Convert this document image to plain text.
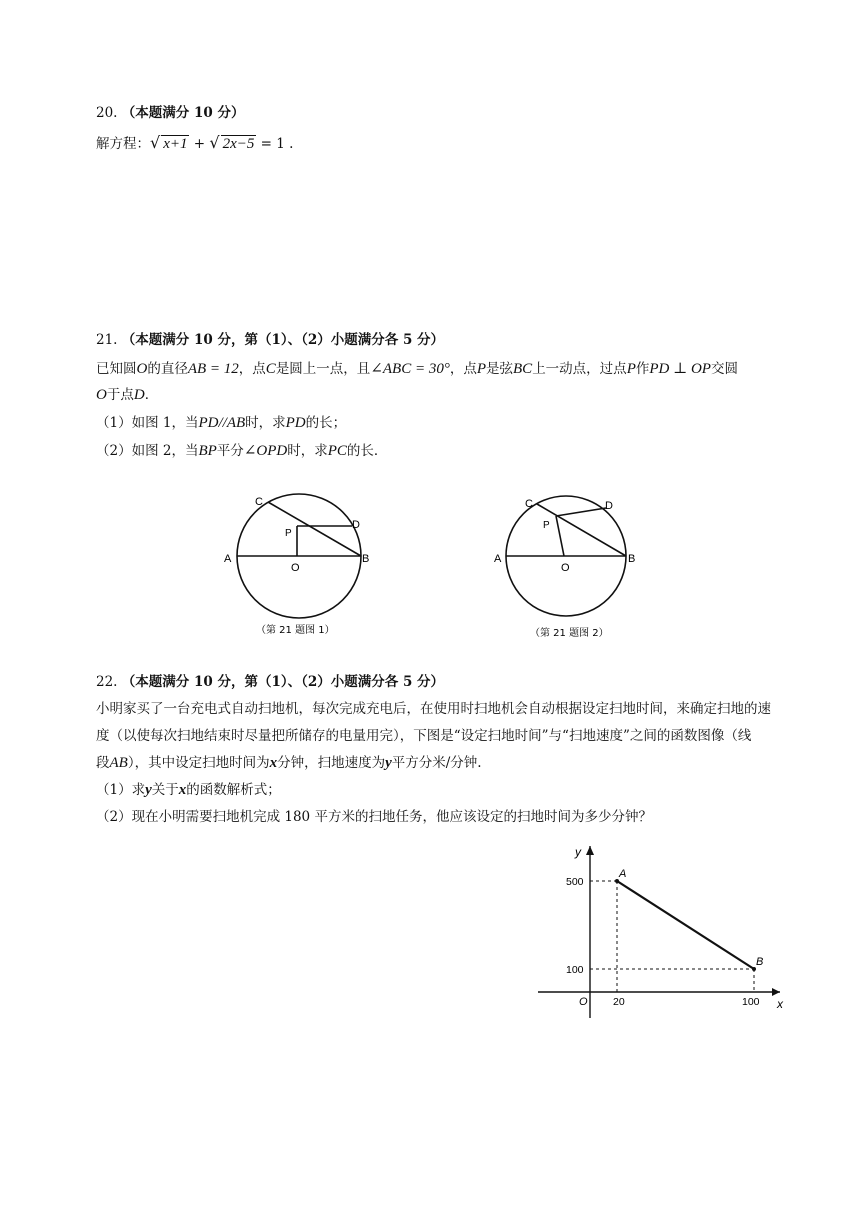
20. （本题满分 10 分）
解方程：√ x+1 + √ 2x−5 = 1 .
21. （本题满分 10 分，第（1）、（2）小题满分各 5 分）
已知圆O的直径AB = 12，点C是圆上一点，且∠ABC = 30°，点P是弦BC上一动点，过点P作PD ⊥ OP交圆
O于点D．
（1）如图 1，当PD//AB时，求PD的长；
（2）如图 2，当BP平分∠OPD时，求PC的长．
C
D
P
A
O
B
（第 21 题图 1）
C	D
P
A
O
B
（第 21 题图 2）
22. （本题满分 10 分，第（1）、（2）小题满分各 5 分）
小明家买了一台充电式自动扫地机，每次完成充电后，在使用时扫地机会自动根据设定扫地时间，来确定扫地的速
度（以使每次扫地结束时尽量把所储存的电量用完），下图是“设定扫地时间”与“扫地速度”之间的函数图像（线
段AB），其中设定扫地时间为x分钟，扫地速度为y平方分米/分钟.
（1）求y关于x的函数解析式；
（2）现在小明需要扫地机完成 180 平方米的扫地任务，他应该设定的扫地时间为多少分钟？
y
x
O
A
B
20	100
500
100
